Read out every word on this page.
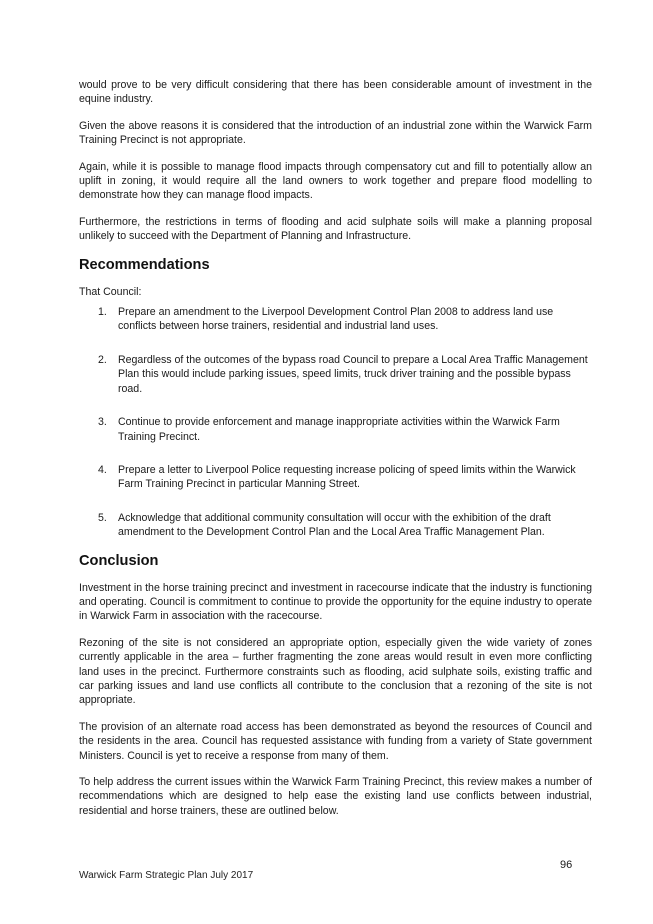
would prove to be very difficult considering that there has been considerable amount of investment in the equine industry.

Given the above reasons it is considered that the introduction of an industrial zone within the Warwick Farm Training Precinct is not appropriate.

Again, while it is possible to manage flood impacts through compensatory cut and fill to potentially allow an uplift in zoning, it would require all the land owners to work together and prepare flood modelling to demonstrate how they can manage flood impacts.

Furthermore, the restrictions in terms of flooding and acid sulphate soils will make a planning proposal unlikely to succeed with the Department of Planning and Infrastructure.

Recommendations

That Council:

1. Prepare an amendment to the Liverpool Development Control Plan 2008 to address land use conflicts between horse trainers, residential and industrial land uses.
2. Regardless of the outcomes of the bypass road Council to prepare a Local Area Traffic Management Plan this would include parking issues, speed limits, truck driver training and the possible bypass road.
3. Continue to provide enforcement and manage inappropriate activities within the Warwick Farm Training Precinct.
4. Prepare a letter to Liverpool Police requesting increase policing of speed limits within the Warwick Farm Training Precinct in particular Manning Street.
5. Acknowledge that additional community consultation will occur with the exhibition of the draft amendment to the Development Control Plan and the Local Area Traffic Management Plan.
Conclusion

Investment in the horse training precinct and investment in racecourse indicate that the industry is functioning and operating. Council is commitment to continue to provide the opportunity for the equine industry to operate in Warwick Farm in association with the racecourse.

Rezoning of the site is not considered an appropriate option, especially given the wide variety of zones currently applicable in the area – further fragmenting the zone areas would result in even more conflicting land uses in the precinct. Furthermore constraints such as flooding, acid sulphate soils, existing traffic and car parking issues and land use conflicts all contribute to the conclusion that a rezoning of the site is not appropriate.

The provision of an alternate road access has been demonstrated as beyond the resources of Council and the residents in the area. Council has requested assistance with funding from a variety of State government Ministers. Council is yet to receive a response from many of them.

To help address the current issues within the Warwick Farm Training Precinct, this review makes a number of recommendations which are designed to help ease the existing land use conflicts between industrial, residential and horse trainers, these are outlined below.

96
Warwick Farm Strategic Plan July 2017
